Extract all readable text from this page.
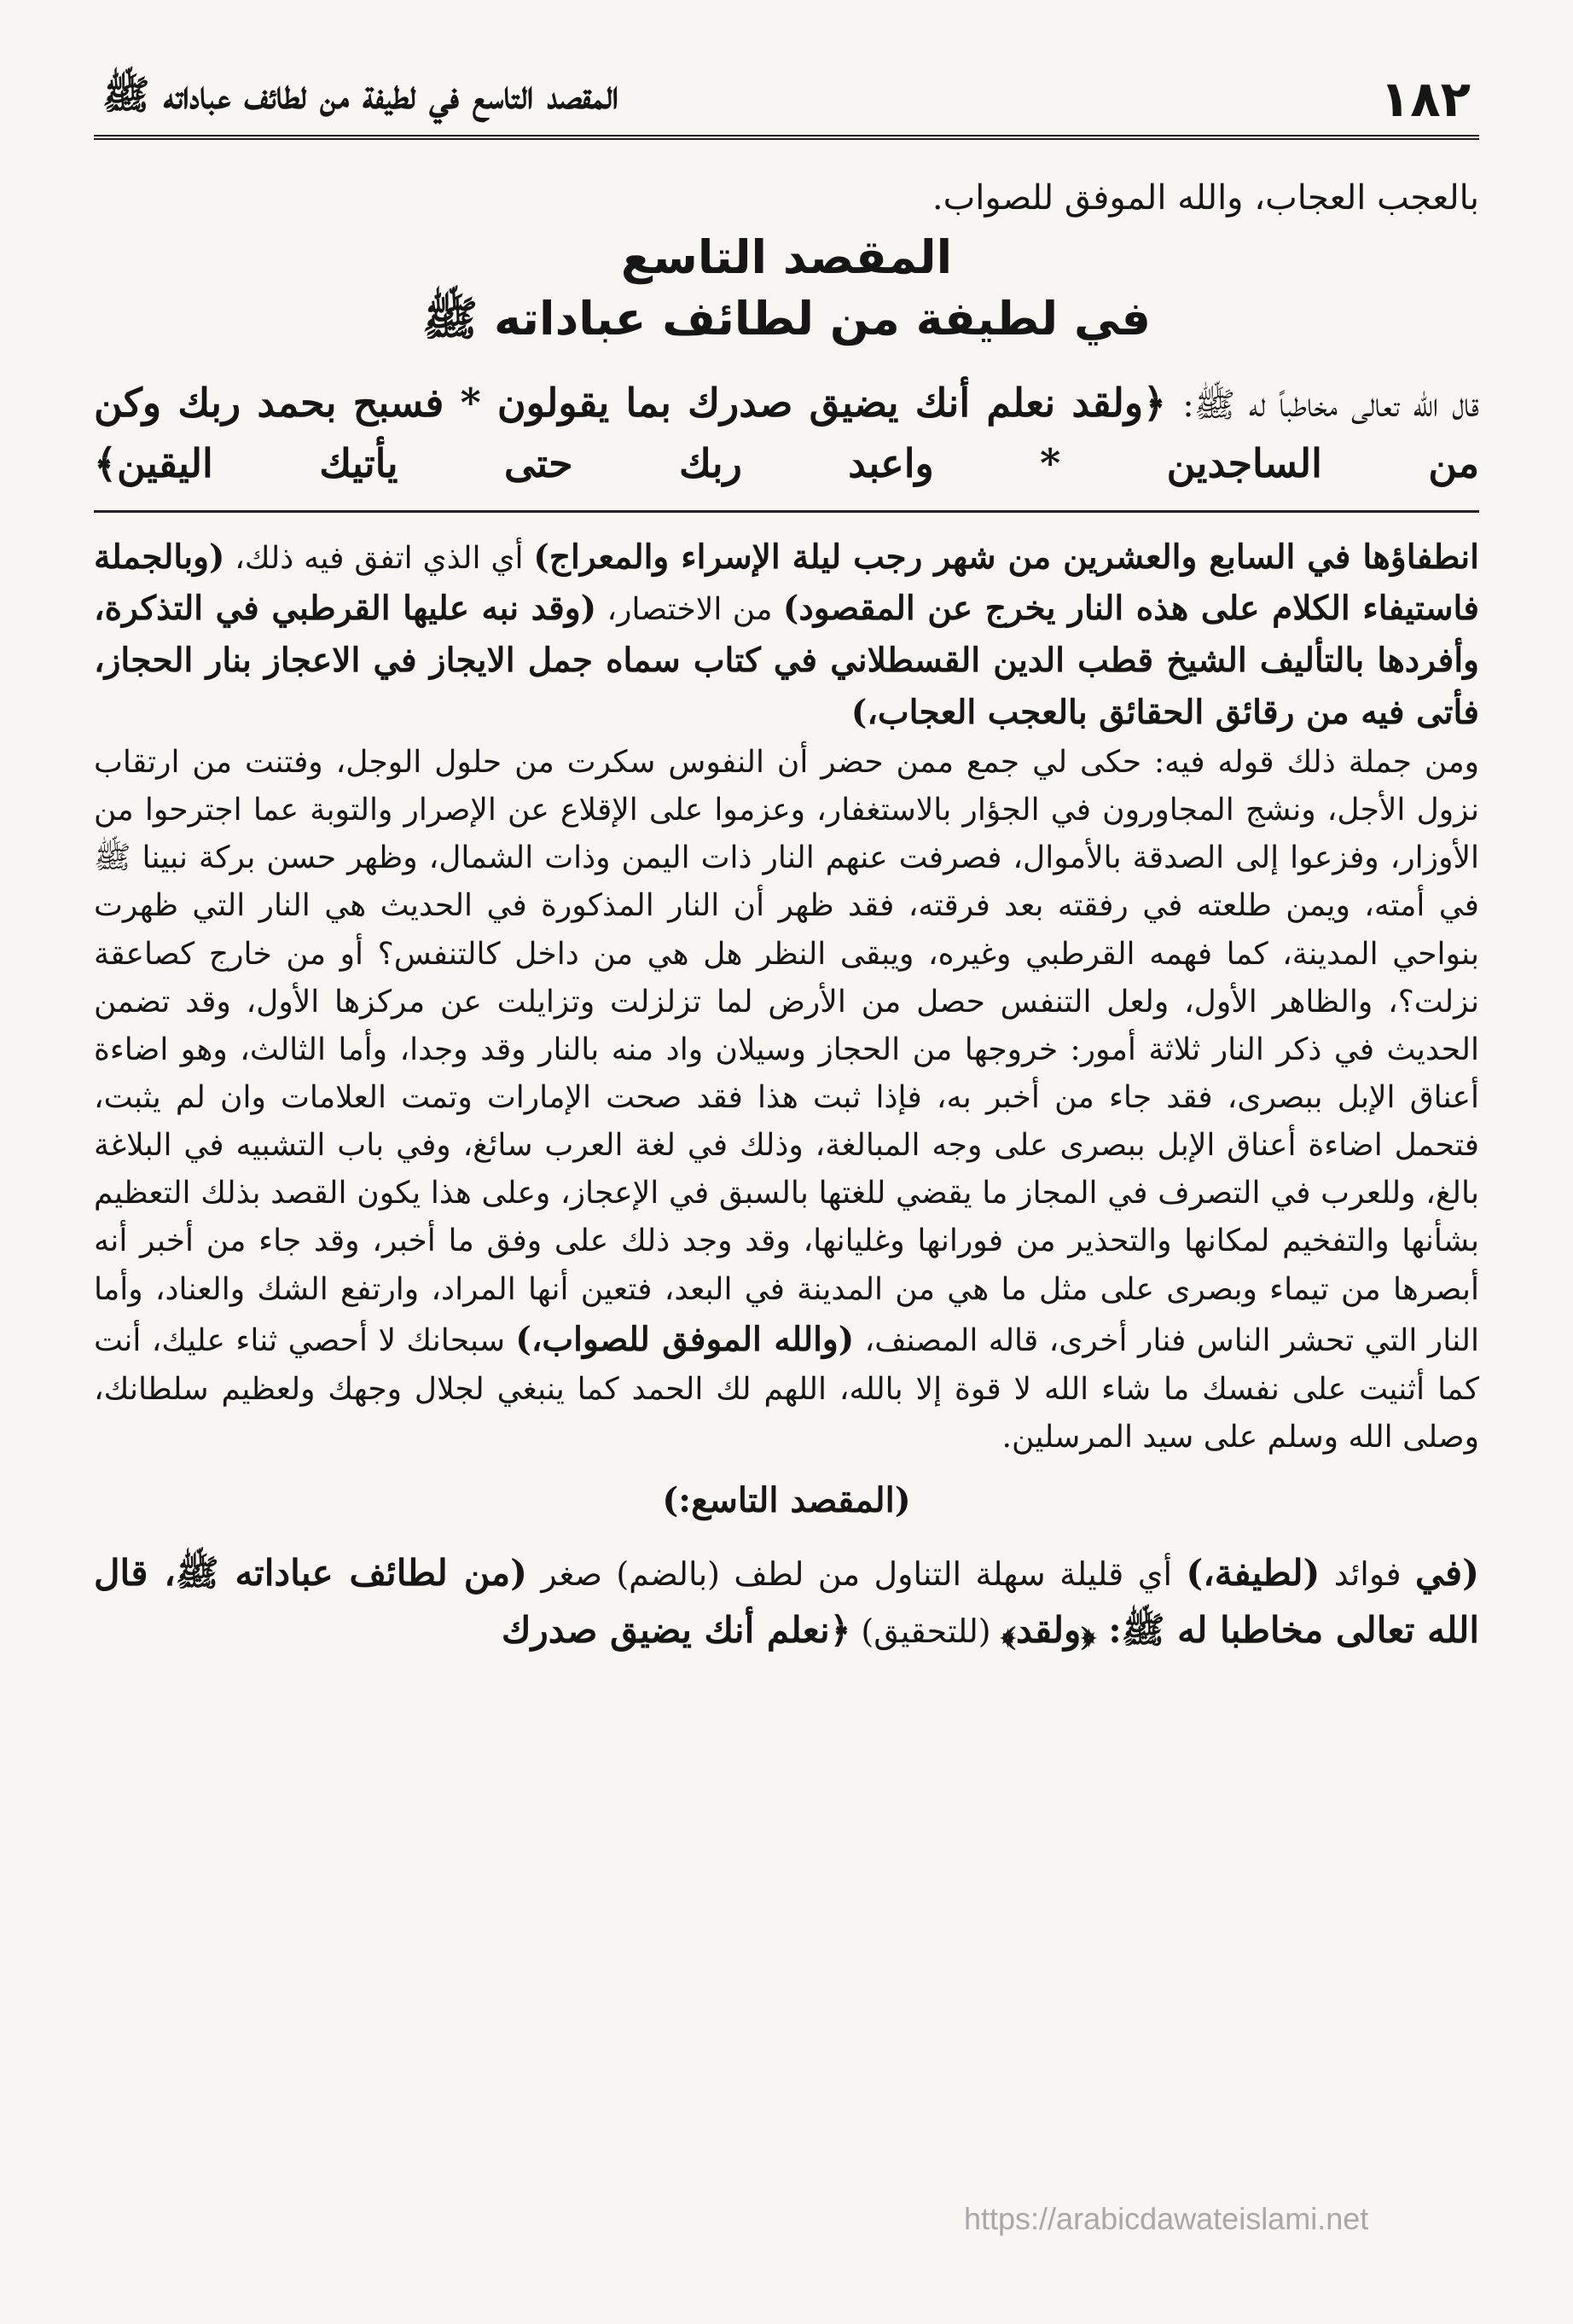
١٨٢
المقصد التاسع في لطيفة من لطائف عباداته ﷺ
بالعجب العجاب، والله الموفق للصواب.
المقصد التاسع
في لطيفة من لطائف عباداته ﷺ
قال الله تعالى مخاطباً له ﷺ: ﴿ولقد نعلم أنك يضيق صدرك بما يقولون * فسبح بحمد ربك وكن من الساجدين * واعبد ربك حتى يأتيك اليقين﴾

انطفاؤها في السابع والعشرين من شهر رجب ليلة الإسراء والمعراج) أي الذي اتفق فيه ذلك، (وبالجملة فاستيفاء الكلام على هذه النار يخرج عن المقصود) من الاختصار، (وقد نبه عليها القرطبي في التذكرة، وأفردها بالتأليف الشيخ قطب الدين القسطلاني في كتاب سماه جمل الايجاز في الاعجاز بنار الحجاز، فأتى فيه من رقائق الحقائق بالعجب العجاب،)

ومن جملة ذلك قوله فيه: حكى لي جمع ممن حضر أن النفوس سكرت من حلول الوجل، وفتنت من ارتقاب نزول الأجل، ونشج المجاورون في الجؤار بالاستغفار، وعزموا على الإقلاع عن الإصرار والتوبة عما اجترحوا من الأوزار، وفزعوا إلى الصدقة بالأموال، فصرفت عنهم النار ذات اليمن وذات الشمال، وظهر حسن بركة نبينا ﷺ في أمته، ويمن طلعته في رفقته بعد فرقته، فقد ظهر أن النار المذكورة في الحديث هي النار التي ظهرت بنواحي المدينة، كما فهمه القرطبي وغيره، ويبقى النظر هل هي من داخل كالتنفس؟ أو من خارج كصاعقة نزلت؟، والظاهر الأول، ولعل التنفس حصل من الأرض لما تزلزلت وتزايلت عن مركزها الأول، وقد تضمن الحديث في ذكر النار ثلاثة أمور: خروجها من الحجاز وسيلان واد منه بالنار وقد وجدا، وأما الثالث، وهو اضاءة أعناق الإبل ببصرى، فقد جاء من أخبر به، فإذا ثبت هذا فقد صحت الإمارات وتمت العلامات وان لم يثبت، فتحمل اضاءة أعناق الإبل ببصرى على وجه المبالغة، وذلك في لغة العرب سائغ، وفي باب التشبيه في البلاغة بالغ، وللعرب في التصرف في المجاز ما يقضي للغتها بالسبق في الإعجاز، وعلى هذا يكون القصد بذلك التعظيم بشأنها والتفخيم لمكانها والتحذير من فورانها وغليانها، وقد وجد ذلك على وفق ما أخبر، وقد جاء من أخبر أنه أبصرها من تيماء وبصرى على مثل ما هي من المدينة في البعد، فتعين أنها المراد، وارتفع الشك والعناد، وأما النار التي تحشر الناس فنار أخرى، قاله المصنف، (والله الموفق للصواب،) سبحانك لا أحصي ثناء عليك، أنت كما أثنيت على نفسك ما شاء الله لا قوة إلا بالله، اللهم لك الحمد كما ينبغي لجلال وجهك ولعظيم سلطانك، وصلى الله وسلم على سيد المرسلين.

(المقصد التاسع:)
(في فوائد (لطيفة،) أي قليلة سهلة التناول من لطف (بالضم) صغر (من لطائف عباداته ﷺ، قال الله تعالى مخاطبا له ﷺ: ﴿ولقد﴾ (للتحقيق) ﴿نعلم أنك يضيق صدرك
https://arabicdawateislami.net
